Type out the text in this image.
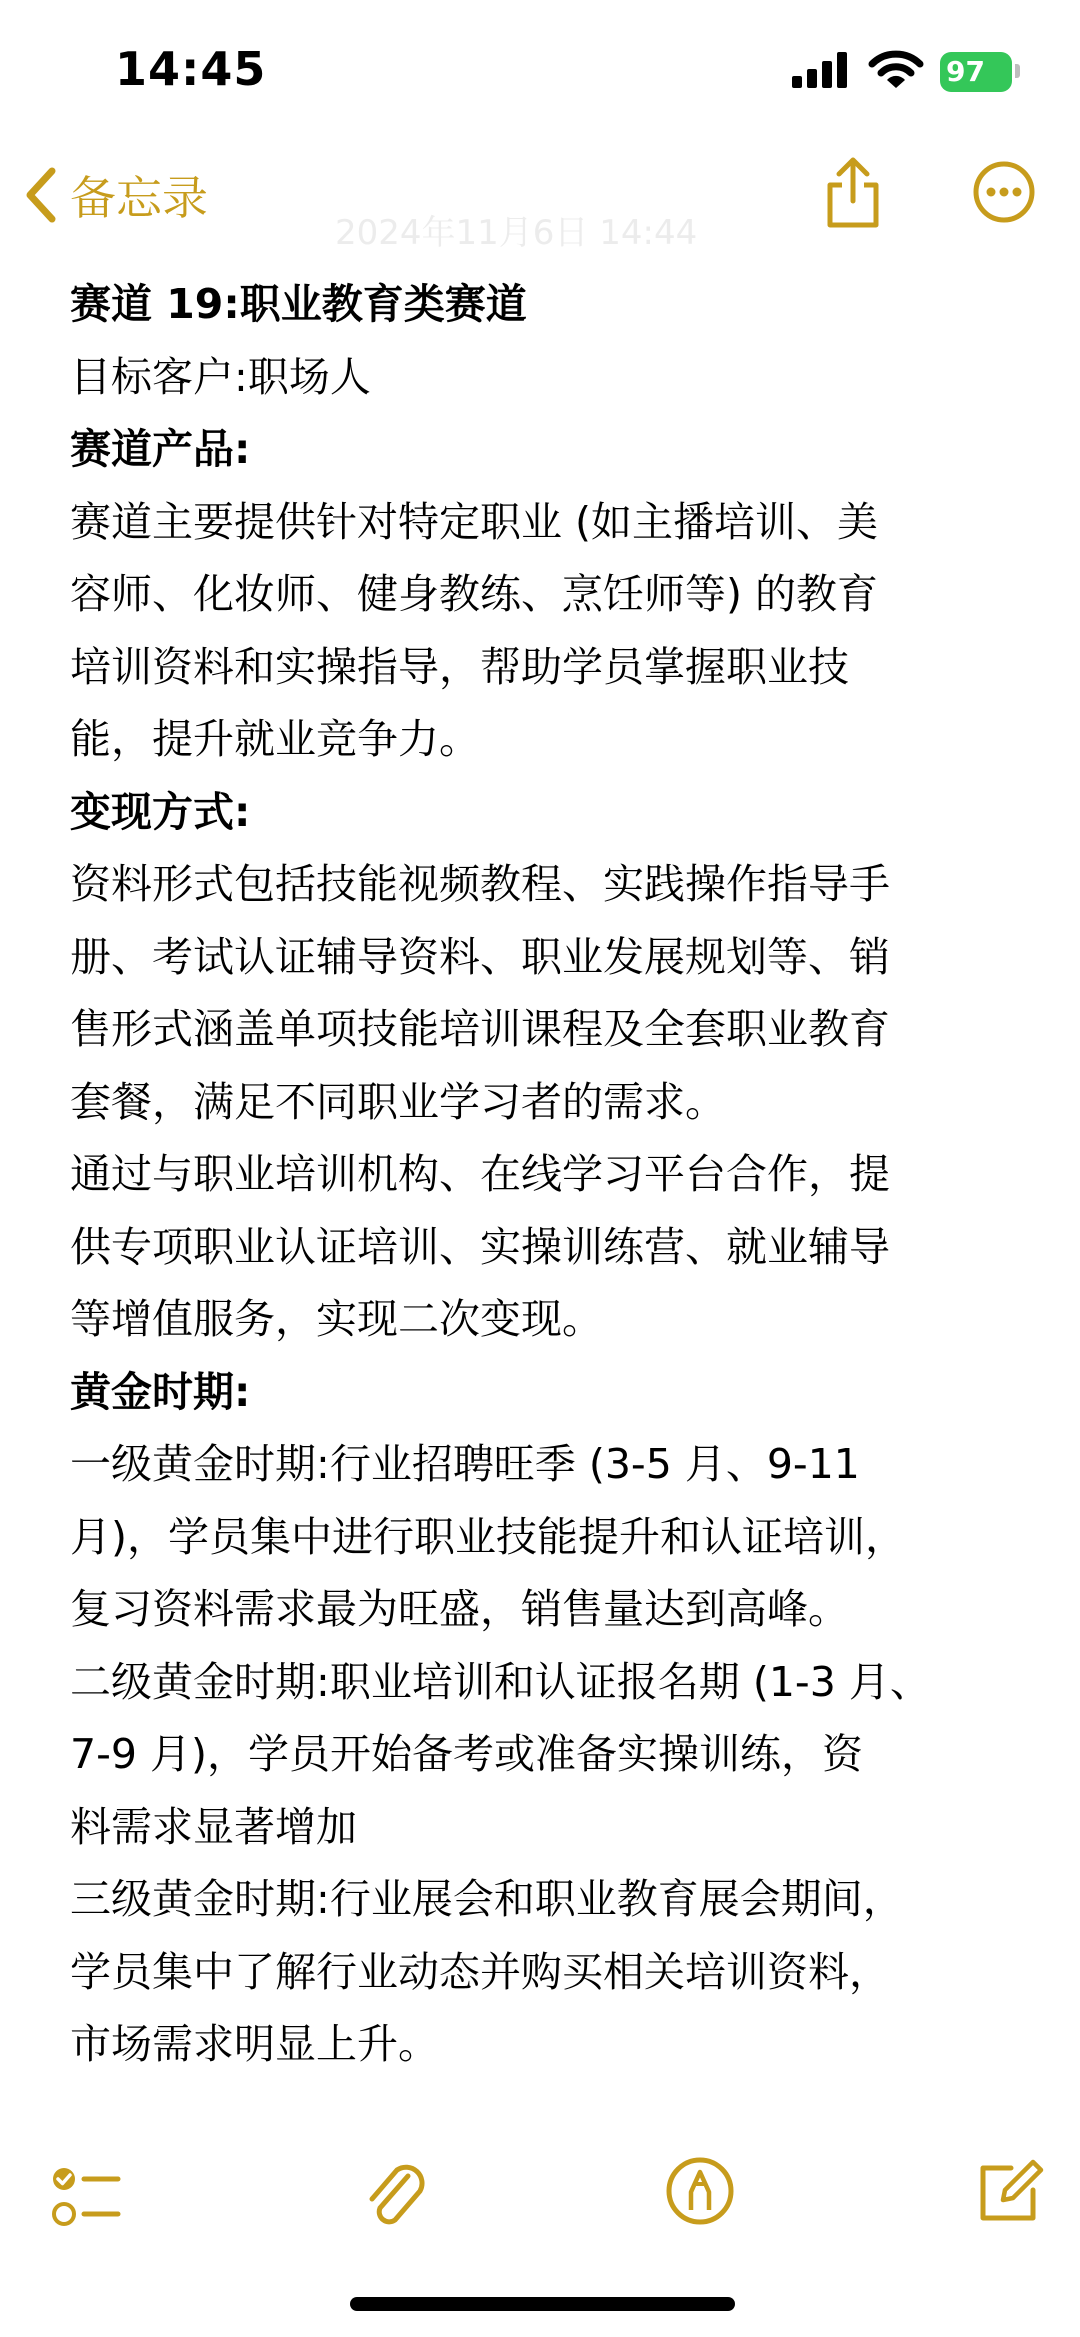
14:45	97
备忘录
2024年11月6日 14:44

赛道 19:职业教育类赛道

目标客户:职场人

赛道产品:

赛道主要提供针对特定职业 (如主播培训、美

容师、化妆师、健身教练、烹饪师等) 的教育

培训资料和实操指导，帮助学员掌握职业技

能，提升就业竞争力。

变现方式:

资料形式包括技能视频教程、实践操作指导手

册、考试认证辅导资料、职业发展规划等、销

售形式涵盖单项技能培训课程及全套职业教育

套餐，满足不同职业学习者的需求。

通过与职业培训机构、在线学习平台合作，提

供专项职业认证培训、实操训练营、就业辅导

等增值服务，实现二次变现。

黄金时期:

一级黄金时期:行业招聘旺季 (3-5 月、9-11

月)，学员集中进行职业技能提升和认证培训，

复习资料需求最为旺盛，销售量达到高峰。

二级黄金时期:职业培训和认证报名期 (1-3 月、

7-9 月)，学员开始备考或准备实操训练，资

料需求显著增加

三级黄金时期:行业展会和职业教育展会期间，

学员集中了解行业动态并购买相关培训资料，

市场需求明显上升。
